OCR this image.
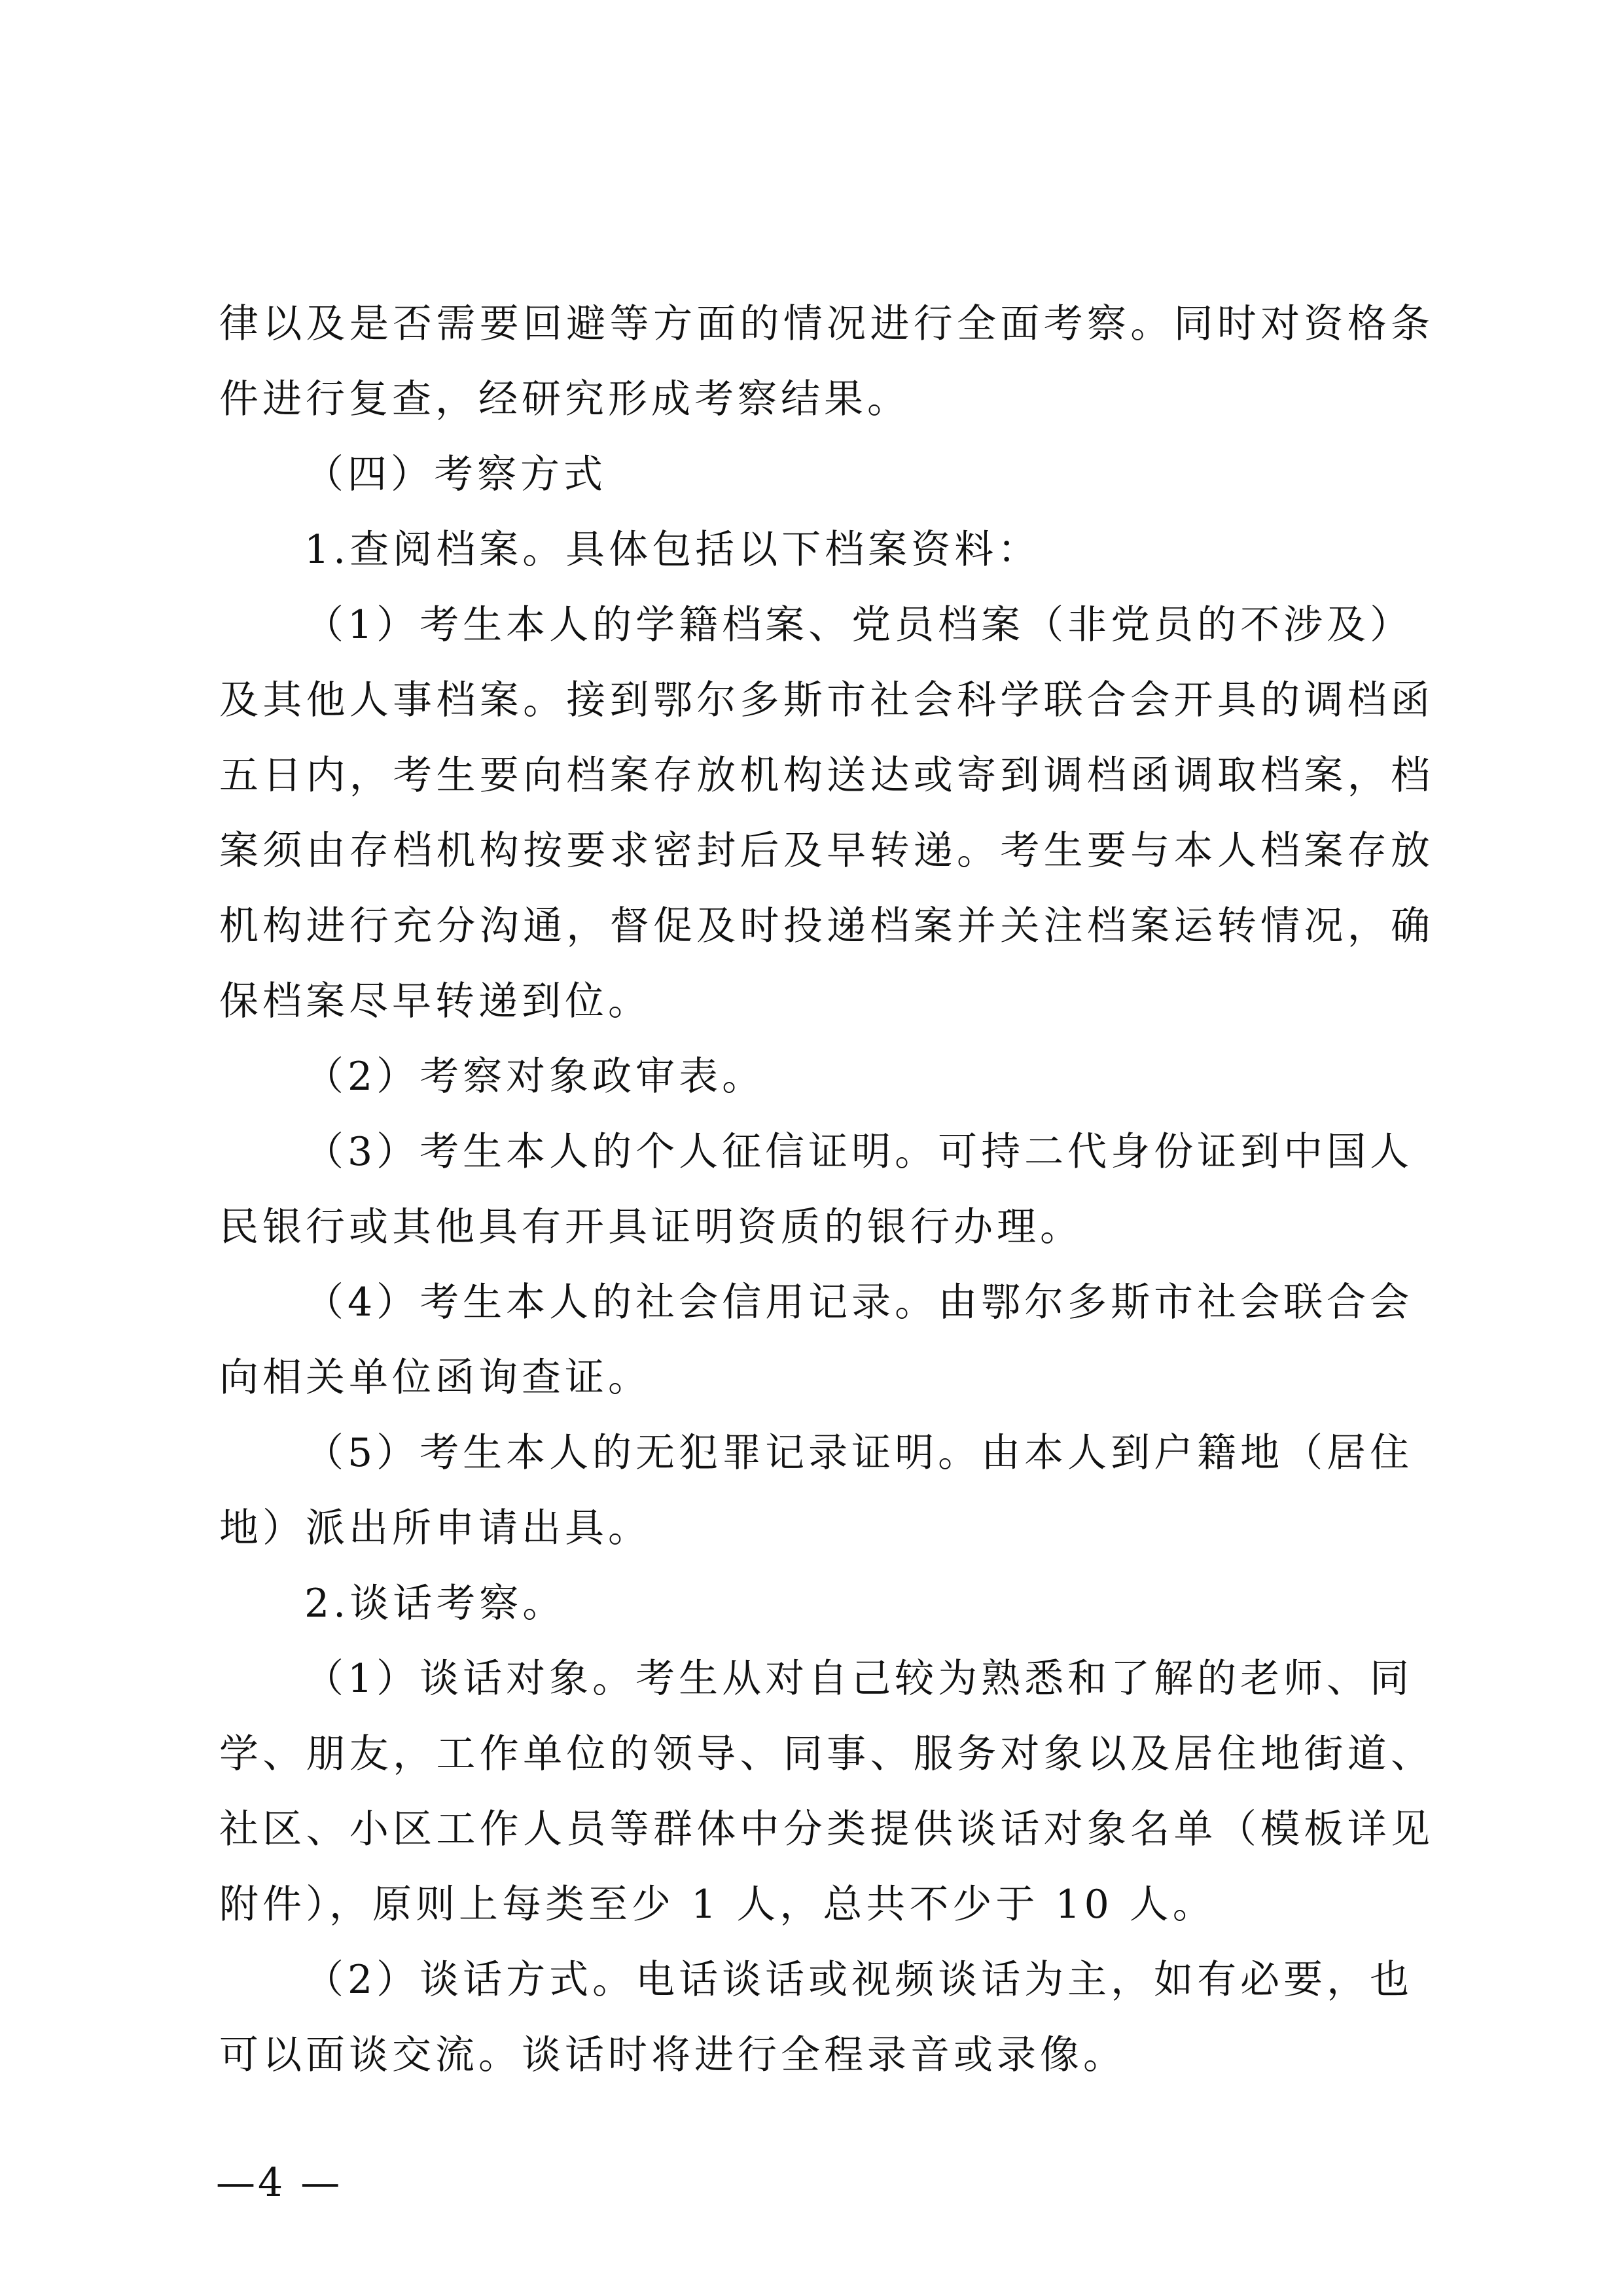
律以及是否需要回避等方面的情况进行全面考察。同时对资格条
件进行复查，经研究形成考察结果。
（四）考察方式
1.查阅档案。具体包括以下档案资料：
（1）考生本人的学籍档案、党员档案（非党员的不涉及）
及其他人事档案。接到鄂尔多斯市社会科学联合会开具的调档函
五日内，考生要向档案存放机构送达或寄到调档函调取档案，档
案须由存档机构按要求密封后及早转递。考生要与本人档案存放
机构进行充分沟通，督促及时投递档案并关注档案运转情况，确
保档案尽早转递到位。
（2）考察对象政审表。
（3）考生本人的个人征信证明。可持二代身份证到中国人
民银行或其他具有开具证明资质的银行办理。
（4）考生本人的社会信用记录。由鄂尔多斯市社会联合会
向相关单位函询查证。
（5）考生本人的无犯罪记录证明。由本人到户籍地（居住
地）派出所申请出具。
2.谈话考察。
（1）谈话对象。考生从对自己较为熟悉和了解的老师、同
学、朋友，工作单位的领导、同事、服务对象以及居住地街道、
社区、小区工作人员等群体中分类提供谈话对象名单（模板详见
附件），原则上每类至少 1 人，总共不少于 10 人。
（2）谈话方式。电话谈话或视频谈话为主，如有必要，也
可以面谈交流。谈话时将进行全程录音或录像。
—4 —
